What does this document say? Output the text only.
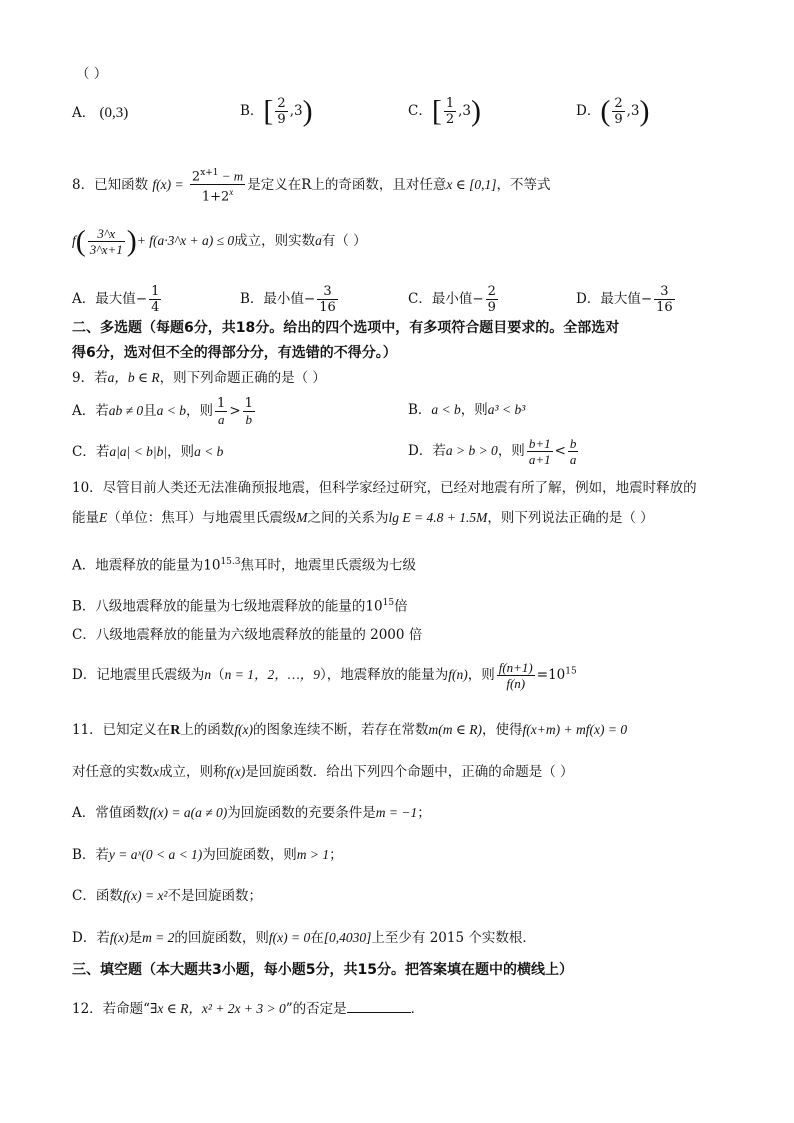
（ ）
A． (0,3)	B．[ $\frac{2}{9} ,3$)	C．[ $\frac{1}{2} ,3$)	D．( $\frac{2}{9} ,3$)
8．已知函数 $f(x) = \frac{2^{x+1} - m}{1+2^x}$ 是定义在R上的奇函数，且对任意x ∈ [0,1]，不等式
$f( \frac{3\^{}x}{3\^{}x+1}$ )+ f(a·3^x + a) ≤ 0成立，则实数a有（ ）
A．最大值− $\frac{1}{4}$	B．最小值− $\frac{3}{16}$	C．最小值− $\frac{2}{9}$	D．最大值− $\frac{3}{16}$
二、多选题（每题6分，共18分。给出的四个选项中，有多项符合题目要求的。全部选对
得6分，选对但不全的得部分分，有选错的不得分。）
9．若a，b ∈ R，则下列命题正确的是（ ）
A．若ab ≠ 0且a < b，则 $\frac{1}{a} > \frac{1}{b}$	B．a < b，则a³ < b³
C．若a|a| < b|b|，则a < b	D．若a > b > 0，则 $\frac{b+1}{a+1} < \frac{b}{a}$
10．尽管目前人类还无法准确预报地震，但科学家经过研究，已经对地震有所了解，例如，地震时释放的
能量E（单位：焦耳）与地震里氏震级M之间的关系为lg E = 4.8 + 1.5M，则下列说法正确的是（ ）
A．地震释放的能量为$10^{15.3}$焦耳时，地震里氏震级为七级
B．八级地震释放的能量为七级地震释放的能量的$10^{15}$倍
C．八级地震释放的能量为六级地震释放的能量的 2000 倍
D．记地震里氏震级为n（n = 1，2，…，9），地震释放的能量为f(n)，则 $\frac{f(n+1)}{f(n)} =10^{15}$
11．已知定义在R上的函数f(x)的图象连续不断，若存在常数m(m ∈ R)，使得f(x+m) + mf(x) = 0
对任意的实数x成立，则称f(x)是回旋函数．给出下列四个命题中，正确的命题是（ ）
A．常值函数f(x) = a(a ≠ 0)为回旋函数的充要条件是m = −1；
B．若y = aˣ(0 < a < 1)为回旋函数，则m > 1；
C．函数f(x) = x²不是回旋函数；
D．若f(x)是m = 2的回旋函数，则f(x) = 0在[0,4030]上至少有 2015 个实数根．
三、填空题（本大题共3小题，每小题5分，共15分。把答案填在题中的横线上）
12．若命题“∃x ∈ R，x² + 2x + 3 > 0”的否定是	．
